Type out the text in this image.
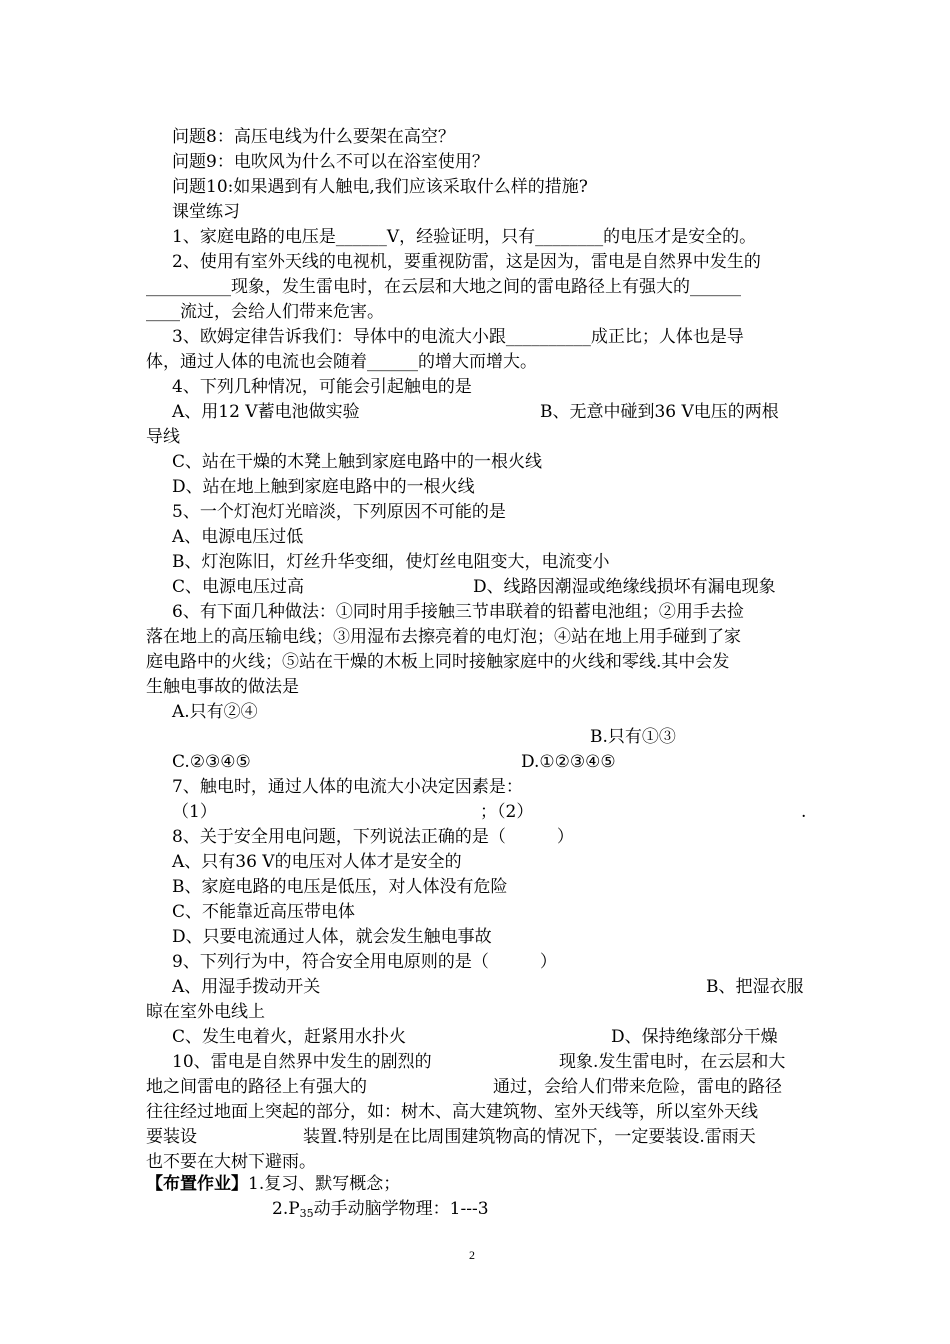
问题8：高压电线为什么要架在高空？
问题9：电吹风为什么不可以在浴室使用？
问题10:如果遇到有人触电,我们应该采取什么样的措施?
课堂练习
1、家庭电路的电压是______V，经验证明，只有________的电压才是安全的。
2、使用有室外天线的电视机，要重视防雷，这是因为，雷电是自然界中发生的
__________现象，发生雷电时，在云层和大地之间的雷电路径上有强大的______
____流过，会给人们带来危害。
3、欧姆定律告诉我们：导体中的电流大小跟__________成正比；人体也是导
体，通过人体的电流也会随着______的增大而增大。
4、下列几种情况，可能会引起触电的是
A、用12 V蓄电池做实验	B、无意中碰到36 V电压的两根
导线
C、站在干燥的木凳上触到家庭电路中的一根火线
D、站在地上触到家庭电路中的一根火线
5、一个灯泡灯光暗淡，下列原因不可能的是
A、电源电压过低
B、灯泡陈旧，灯丝升华变细，使灯丝电阻变大，电流变小
C、电源电压过高	D、线路因潮湿或绝缘线损坏有漏电现象
6、有下面几种做法：①同时用手接触三节串联着的铅蓄电池组；②用手去捡
落在地上的高压输电线；③用湿布去擦亮着的电灯泡；④站在地上用手碰到了家
庭电路中的火线；⑤站在干燥的木板上同时接触家庭中的火线和零线.其中会发
生触电事故的做法是
A.只有②④
B.只有①③
C.②③④⑤	D.①②③④⑤
7、触电时，通过人体的电流大小决定因素是：
（1）	；（2）	.
8、关于安全用电问题，下列说法正确的是（　　　）
A、只有36 V的电压对人体才是安全的
B、家庭电路的电压是低压，对人体没有危险
C、不能靠近高压带电体
D、只要电流通过人体，就会发生触电事故
9、下列行为中，符合安全用电原则的是（　　　）
A、用湿手拨动开关	B、把湿衣服
晾在室外电线上
C、发生电着火，赶紧用水扑火	D、保持绝缘部分干燥
10、雷电是自然界中发生的剧烈的	现象.发生雷电时，在云层和大
地之间雷电的路径上有强大的	通过，会给人们带来危险，雷电的路径
往往经过地面上突起的部分，如：树木、高大建筑物、室外天线等，所以室外天线
要装设	装置.特别是在比周围建筑物高的情况下，一定要装设.雷雨天
也不要在大树下避雨。
【布置作业】1.复习、默写概念；
$2.P_{35}$动手动脑学物理：1---3
2
